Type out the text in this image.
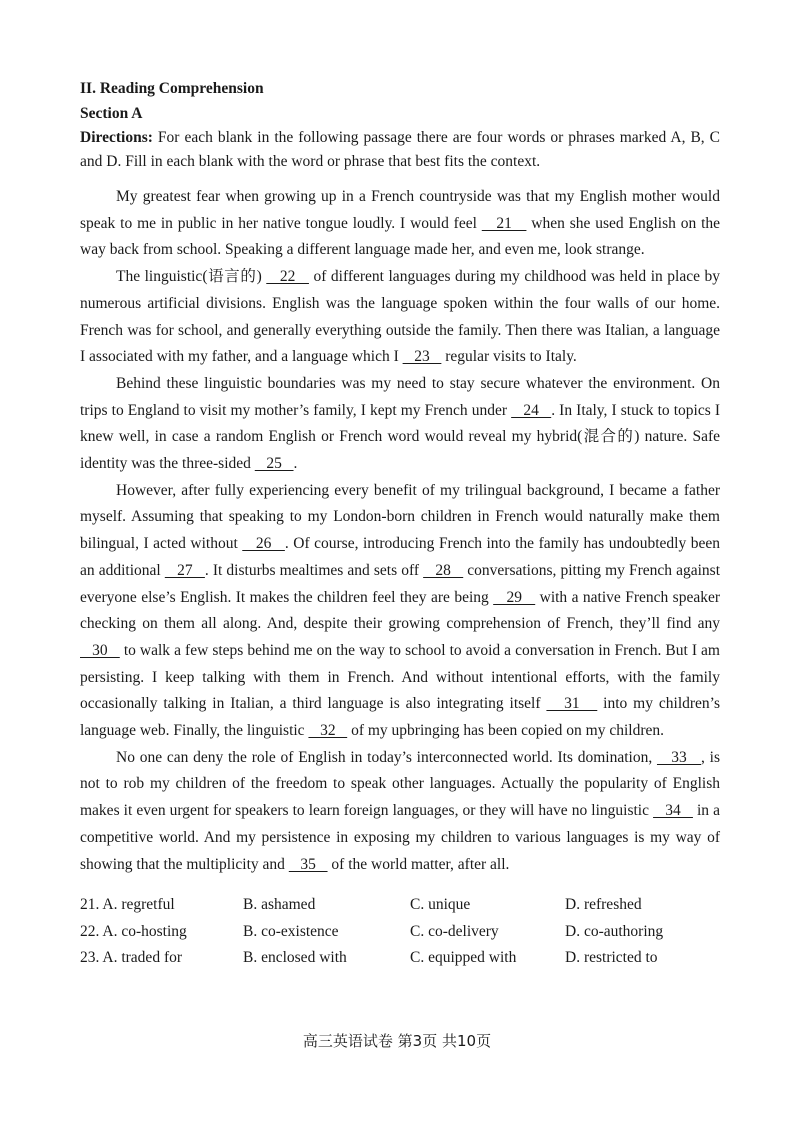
II. Reading Comprehension
Section A
Directions: For each blank in the following passage there are four words or phrases marked A, B, C and D. Fill in each blank with the word or phrase that best fits the context.

My greatest fear when growing up in a French countryside was that my English mother would speak to me in public in her native tongue loudly. I would feel    21    when she used English on the way back from school. Speaking a different language made her, and even me, look strange.

The linguistic(语言的)    22    of different languages during my childhood was held in place by numerous artificial divisions. English was the language spoken within the four walls of our home. French was for school, and generally everything outside the family. Then there was Italian, a language I associated with my father, and a language which I    23    regular visits to Italy.

Behind these linguistic boundaries was my need to stay secure whatever the environment. On trips to England to visit my mother’s family, I kept my French under    24   . In Italy, I stuck to topics I knew well, in case a random English or French word would reveal my hybrid(混合的) nature. Safe identity was the three-sided    25   .

However, after fully experiencing every benefit of my trilingual background, I became a father myself. Assuming that speaking to my London-born children in French would naturally make them bilingual, I acted without    26   . Of course, introducing French into the family has undoubtedly been an additional    27   . It disturbs mealtimes and sets off    28    conversations, pitting my French against everyone else’s English. It makes the children feel they are being    29    with a native French speaker checking on them all along. And, despite their growing comprehension of French, they’ll find any    30    to walk a few steps behind me on the way to school to avoid a conversation in French. But I am persisting. I keep talking with them in French. And without intentional efforts, with the family occasionally talking in Italian, a third language is also integrating itself    31    into my children’s language web. Finally, the linguistic    32    of my upbringing has been copied on my children.

No one can deny the role of English in today’s interconnected world. Its domination,    33   , is not to rob my children of the freedom to speak other languages. Actually the popularity of English makes it even urgent for speakers to learn foreign languages, or they will have no linguistic    34    in a competitive world. And my persistence in exposing my children to various languages is my way of showing that the multiplicity and    35    of the world matter, after all.

21. A. regretful	B. ashamed	C. unique	D. refreshed
22. A. co-hosting	B. co-existence	C. co-delivery	D. co-authoring
23. A. traded for	B. enclosed with	C. equipped with	D. restricted to
高三英语试卷 第3页 共10页
